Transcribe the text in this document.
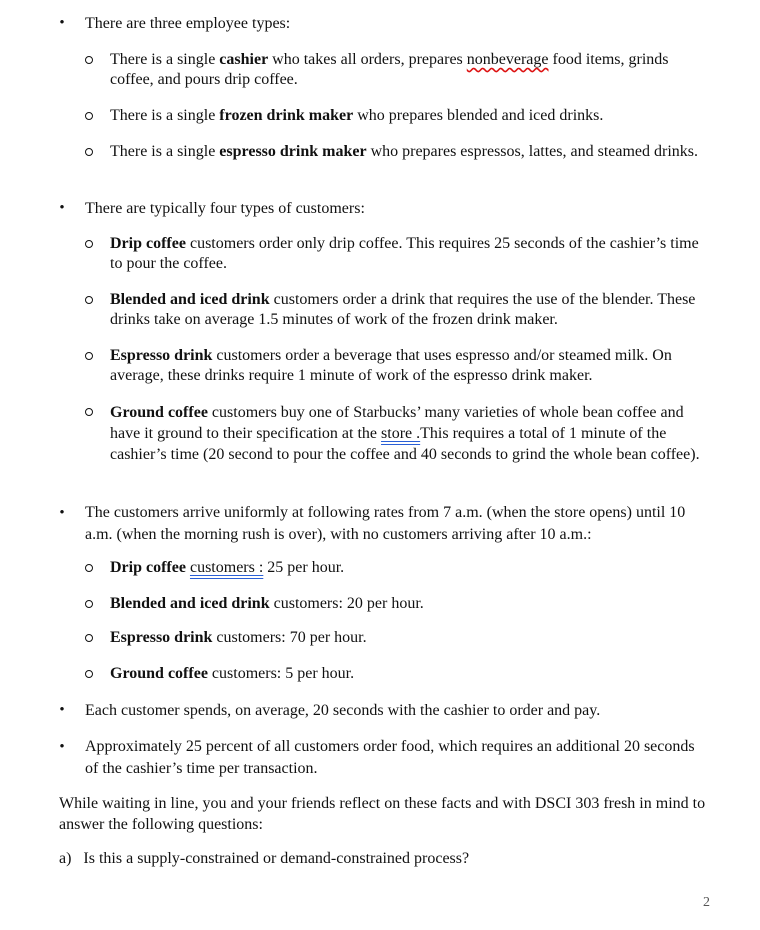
• There are three employee types:
There is a single cashier who takes all orders, prepares nonbeverage food items, grinds coffee, and pours drip coffee.
There is a single frozen drink maker who prepares blended and iced drinks.
There is a single espresso drink maker who prepares espressos, lattes, and steamed drinks.
• There are typically four types of customers:
Drip coffee customers order only drip coffee. This requires 25 seconds of the cashier’s time to pour the coffee.
Blended and iced drink customers order a drink that requires the use of the blender. These drinks take on average 1.5 minutes of work of the frozen drink maker.
Espresso drink customers order a beverage that uses espresso and/or steamed milk. On average, these drinks require 1 minute of work of the espresso drink maker.
Ground coffee customers buy one of Starbucks’ many varieties of whole bean coffee and have it ground to their specification at the store .This requires a total of 1 minute of the cashier’s time (20 second to pour the coffee and 40 seconds to grind the whole bean coffee).
• The customers arrive uniformly at following rates from 7 a.m. (when the store opens) until 10 a.m. (when the morning rush is over), with no customers arriving after 10 a.m.:
Drip coffee customers : 25 per hour.
Blended and iced drink customers: 20 per hour.
Espresso drink customers: 70 per hour.
Ground coffee customers: 5 per hour.
• Each customer spends, on average, 20 seconds with the cashier to order and pay.
• Approximately 25 percent of all customers order food, which requires an additional 20 seconds of the cashier’s time per transaction.
While waiting in line, you and your friends reflect on these facts and with DSCI 303 fresh in mind to answer the following questions:
a)   Is this a supply-constrained or demand-constrained process?
2
